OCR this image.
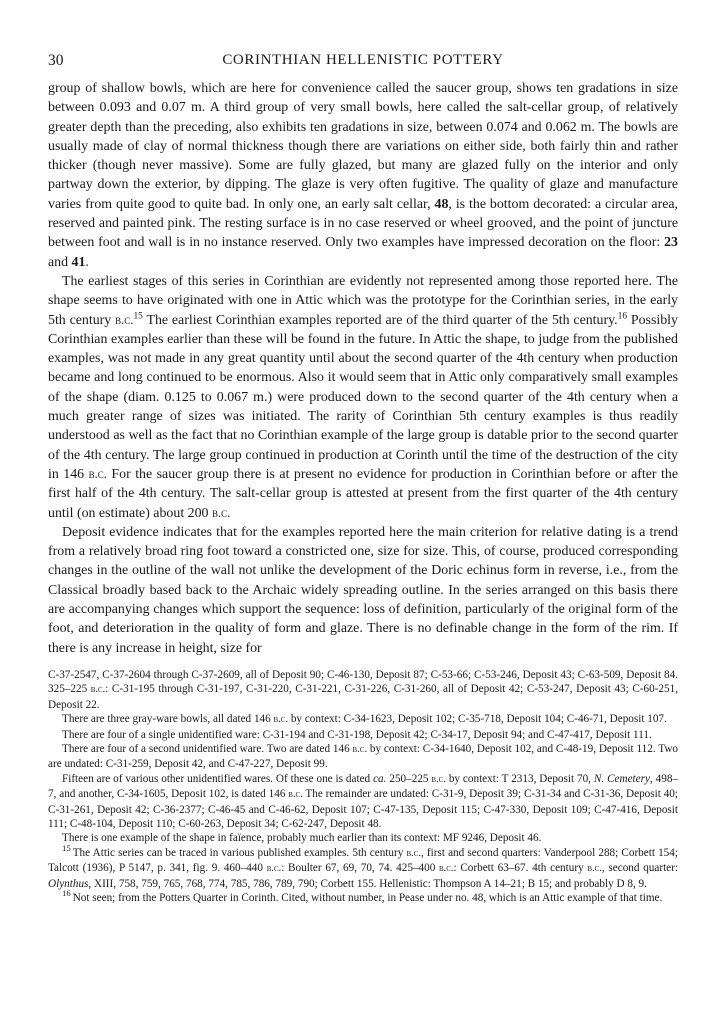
30	CORINTHIAN HELLENISTIC POTTERY

group of shallow bowls, which are here for convenience called the saucer group, shows ten gradations in size between 0.093 and 0.07 m. A third group of very small bowls, here called the salt-cellar group, of relatively greater depth than the preceding, also exhibits ten gradations in size, between 0.074 and 0.062 m. The bowls are usually made of clay of normal thickness though there are variations on either side, both fairly thin and rather thicker (though never massive). Some are fully glazed, but many are glazed fully on the interior and only partway down the exterior, by dipping. The glaze is very often fugitive. The quality of glaze and manufacture varies from quite good to quite bad. In only one, an early salt cellar, 48, is the bottom decorated: a circular area, reserved and painted pink. The resting surface is in no case reserved or wheel grooved, and the point of juncture between foot and wall is in no instance reserved. Only two examples have impressed decoration on the floor: 23 and 41.

The earliest stages of this series in Corinthian are evidently not represented among those reported here. The shape seems to have originated with one in Attic which was the prototype for the Corinthian series, in the early 5th century b.c.$^{15}$ The earliest Corinthian examples reported are of the third quarter of the 5th century.$^{16}$ Possibly Corinthian examples earlier than these will be found in the future. In Attic the shape, to judge from the published examples, was not made in any great quantity until about the second quarter of the 4th century when production became and long continued to be enormous. Also it would seem that in Attic only comparatively small examples of the shape (diam. 0.125 to 0.067 m.) were produced down to the second quarter of the 4th century when a much greater range of sizes was initiated. The rarity of Corinthian 5th century examples is thus readily understood as well as the fact that no Corinthian example of the large group is datable prior to the second quarter of the 4th century. The large group continued in production at Corinth until the time of the destruction of the city in 146 b.c. For the saucer group there is at present no evidence for production in Corinthian before or after the first half of the 4th century. The salt-cellar group is attested at present from the first quarter of the 4th century until (on estimate) about 200 b.c.

Deposit evidence indicates that for the examples reported here the main criterion for relative dating is a trend from a relatively broad ring foot toward a constricted one, size for size. This, of course, produced corresponding changes in the outline of the wall not unlike the development of the Doric echinus form in reverse, i.e., from the Classical broadly based back to the Archaic widely spreading outline. In the series arranged on this basis there are accompanying changes which support the sequence: loss of definition, particularly of the original form of the foot, and deterioration in the quality of form and glaze. There is no definable change in the form of the rim. If there is any increase in height, size for

C-37-2547, C-37-2604 through C-37-2609, all of Deposit 90; C-46-130, Deposit 87; C-53-66; C-53-246, Deposit 43; C-63-509, Deposit 84. 325–225 b.c.: C-31-195 through C-31-197, C-31-220, C-31-221, C-31-226, C-31-260, all of Deposit 42; C-53-247, Deposit 43; C-60-251, Deposit 22.

There are three gray-ware bowls, all dated 146 b.c. by context: C-34-1623, Deposit 102; C-35-718, Deposit 104; C-46-71, Deposit 107.

There are four of a single unidentified ware: C-31-194 and C-31-198, Deposit 42; C-34-17, Deposit 94; and C-47-417, Deposit 111.

There are four of a second unidentified ware. Two are dated 146 b.c. by context: C-34-1640, Deposit 102, and C-48-19, Deposit 112. Two are undated: C-31-259, Deposit 42, and C-47-227, Deposit 99.

Fifteen are of various other unidentified wares. Of these one is dated ca. 250–225 b.c. by context: T 2313, Deposit 70, N. Cemetery, 498–7, and another, C-34-1605, Deposit 102, is dated 146 b.c. The remainder are undated: C-31-9, Deposit 39; C-31-34 and C-31-36, Deposit 40; C-31-261, Deposit 42; C-36-2377; C-46-45 and C-46-62, Deposit 107; C-47-135, Deposit 115; C-47-330, Deposit 109; C-47-416, Deposit 111; C-48-104, Deposit 110; C-60-263, Deposit 34; C-62-247, Deposit 48.

There is one example of the shape in faïence, probably much earlier than its context: MF 9246, Deposit 46.

$^{15}$ The Attic series can be traced in various published examples. 5th century b.c., first and second quarters: Vanderpool 288; Corbett 154; Talcott (1936), P 5147, p. 341, fig. 9. 460–440 b.c.: Boulter 67, 69, 70, 74. 425–400 b.c.: Corbett 63–67. 4th century b.c., second quarter: Olynthus, XIII, 758, 759, 765, 768, 774, 785, 786, 789, 790; Corbett 155. Hellenistic: Thompson A 14–21; B 15; and probably D 8, 9.

$^{16}$ Not seen; from the Potters Quarter in Corinth. Cited, without number, in Pease under no. 48, which is an Attic example of that time.
